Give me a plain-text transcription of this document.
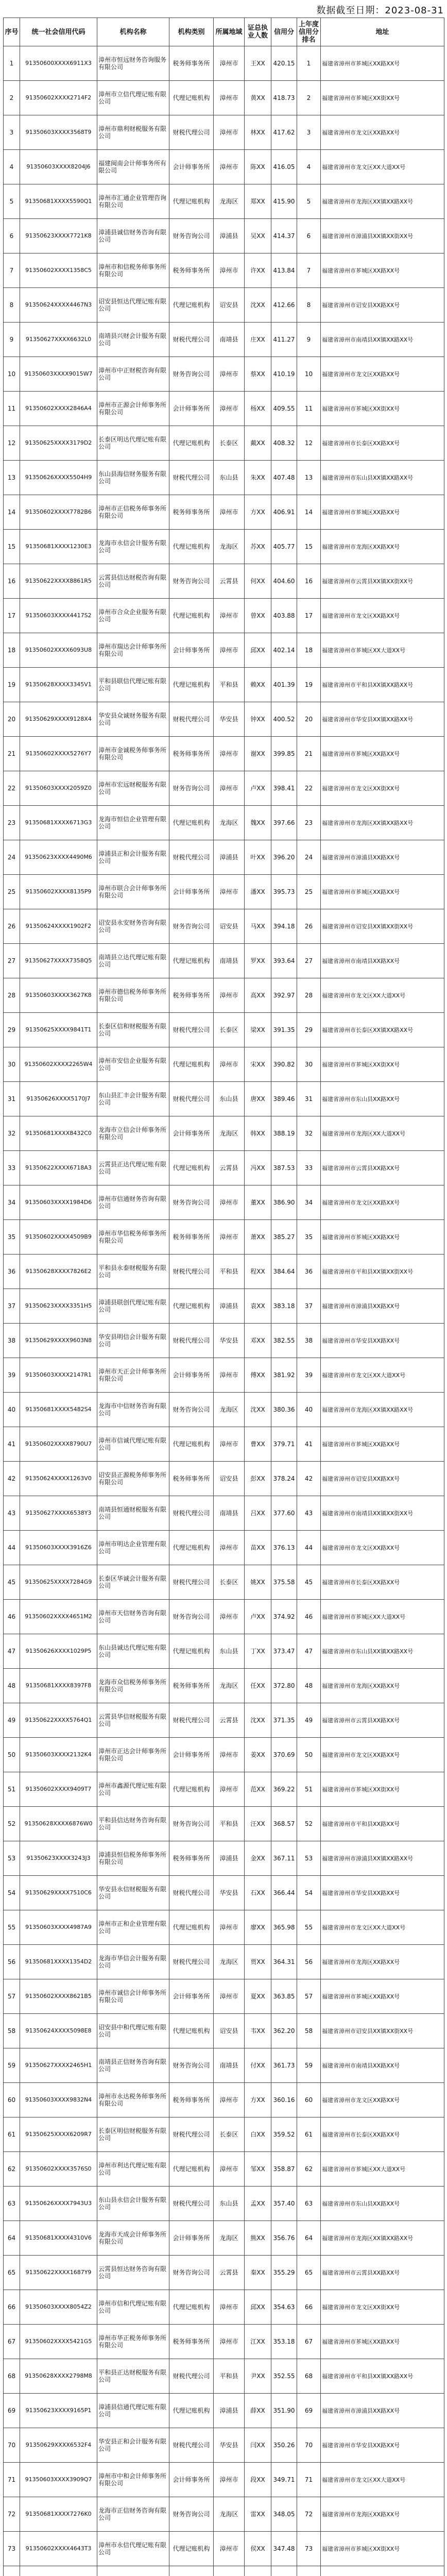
数据截至日期：2023-08-31
序号	统一社会信用代码	机构名称	机构类别	所属地域	证总执业人数	信用分	上年度信用分排名	地址
1	91350600XXXX6911X3	漳州市恒远财务咨询服务有限公司	税务师事务所	漳州市	王XX	420.15	1	福建省漳州市芗城区XX路XX号
2	91350602XXXX2714F2	漳州市立信代理记账有限公司	代理记账机构	漳州市	黄XX	418.73	2	福建省漳州市芗城区XX街XX号
3	91350603XXXX3568T9	漳州市鼎利财税服务有限公司	财税代理公司	漳州市	林XX	417.62	3	福建省漳州市龙文区XX路XX号
4	91350603XXXX8204J6	福建闽南会计师事务所有限公司	会计师事务所	漳州市	陈XX	416.05	4	福建省漳州市龙文区XX大道XX号
5	91350681XXXX5590Q1	漳州市汇通企业管理咨询有限公司	代理记账机构	龙海区	郑XX	415.90	5	福建省漳州市龙海区XX镇XX路XX号
6	91350623XXXX7721K8	漳浦县诚信财务咨询有限公司	财务咨询公司	漳浦县	吴XX	414.37	6	福建省漳州市漳浦县XX镇XX街XX号
7	91350602XXXX1358C5	漳州市和信税务师事务所有限公司	税务师事务所	漳州市	许XX	413.84	7	福建省漳州市芗城区XX路XX号
8	91350624XXXX4467N3	诏安县恒达代理记账有限公司	代理记账机构	诏安县	沈XX	412.66	8	福建省漳州市诏安县XX路XX号
9	91350627XXXX6632L0	南靖县兴财会计服务有限公司	财税代理公司	南靖县	庄XX	411.27	9	福建省漳州市南靖县XX镇XX路XX号
10	91350603XXXX9015W7	漳州市中正财税咨询有限公司	财务咨询公司	漳州市	蔡XX	410.19	10	福建省漳州市龙文区XX路XX号
11	91350602XXXX2846A4	漳州市正源会计师事务所有限公司	会计师事务所	漳州市	杨XX	409.55	11	福建省漳州市芗城区XX街XX号
12	91350625XXXX3179D2	长泰区明达代理记账有限公司	代理记账机构	长泰区	戴XX	408.32	12	福建省漳州市长泰区XX路XX号
13	91350626XXXX5504H9	东山县海信财务服务有限公司	财税代理公司	东山县	朱XX	407.48	13	福建省漳州市东山县XX镇XX路XX号
14	91350602XXXX7782B6	漳州市正信税务师事务所有限公司	税务师事务所	漳州市	方XX	406.91	14	福建省漳州市芗城区XX路XX号
15	91350681XXXX1230E3	龙海市永信会计服务有限公司	代理记账机构	龙海区	苏XX	405.77	15	福建省漳州市龙海区XX路XX号
16	91350622XXXX8861R5	云霄县信达财税咨询有限公司	财务咨询公司	云霄县	何XX	404.60	16	福建省漳州市云霄县XX镇XX街XX号
17	91350603XXXX4417S2	漳州市合众企业服务有限公司	代理记账机构	漳州市	曾XX	403.88	17	福建省漳州市龙文区XX路XX号
18	91350602XXXX6093U8	漳州市瑞达会计师事务所有限公司	会计师事务所	漳州市	邱XX	402.14	18	福建省漳州市芗城区XX大道XX号
19	91350628XXXX3345V1	平和县联信代理记账有限公司	代理记账机构	平和县	赖XX	401.39	19	福建省漳州市平和县XX镇XX路XX号
20	91350629XXXX9128X4	华安县众诚财务服务有限公司	财税代理公司	华安县	钟XX	400.52	20	福建省漳州市华安县XX镇XX路XX号
21	91350602XXXX5276Y7	漳州市金诚税务师事务所有限公司	税务师事务所	漳州市	谢XX	399.85	21	福建省漳州市芗城区XX路XX号
22	91350603XXXX2059Z0	漳州市宏远财税服务有限公司	财务咨询公司	漳州市	卢XX	398.41	22	福建省漳州市龙文区XX街XX号
23	91350681XXXX6713G3	龙海市恒信企业管理有限公司	代理记账机构	龙海区	魏XX	397.66	23	福建省漳州市龙海区XX镇XX路XX号
24	91350623XXXX4490M6	漳浦县正和会计服务有限公司	财税代理公司	漳浦县	叶XX	396.20	24	福建省漳州市漳浦县XX路XX号
25	91350602XXXX8135P9	漳州市联合会计师事务所有限公司	会计师事务所	漳州市	潘XX	395.73	25	福建省漳州市芗城区XX路XX号
26	91350624XXXX1902F2	诏安县永安财务咨询有限公司	财务咨询公司	诏安县	马XX	394.18	26	福建省漳州市诏安县XX镇XX街XX号
27	91350627XXXX7358Q5	南靖县立达代理记账有限公司	代理记账机构	南靖县	罗XX	393.64	27	福建省漳州市南靖县XX路XX号
28	91350603XXXX3627K8	漳州市德信税务师事务所有限公司	税务师事务所	漳州市	高XX	392.97	28	福建省漳州市龙文区XX大道XX号
29	91350625XXXX9841T1	长泰区信和财税服务有限公司	财税代理公司	长泰区	梁XX	391.35	29	福建省漳州市长泰区XX镇XX路XX号
30	91350602XXXX2265W4	漳州市安信企业服务有限公司	代理记账机构	漳州市	宋XX	390.82	30	福建省漳州市芗城区XX街XX号
31	91350626XXXX5170J7	东山县汇丰会计服务有限公司	财税代理公司	东山县	唐XX	389.46	31	福建省漳州市东山县XX路XX号
32	91350681XXXX8432C0	龙海市立信会计师事务所有限公司	会计师事务所	龙海区	韩XX	388.19	32	福建省漳州市龙海区XX大道XX号
33	91350622XXXX6718A3	云霄县正达代理记账有限公司	代理记账机构	云霄县	冯XX	387.53	33	福建省漳州市云霄县XX路XX号
34	91350603XXXX1984D6	漳州市信通财务咨询有限公司	财务咨询公司	漳州市	董XX	386.90	34	福建省漳州市龙文区XX路XX号
35	91350602XXXX4509B9	漳州市华信税务师事务所有限公司	税务师事务所	漳州市	萧XX	385.27	35	福建省漳州市芗城区XX路XX号
36	91350628XXXX7826E2	平和县永泰财税服务有限公司	财税代理公司	平和县	程XX	384.64	36	福建省漳州市平和县XX镇XX街XX号
37	91350623XXXX3351H5	漳浦县联创代理记账有限公司	代理记账机构	漳浦县	袁XX	383.18	37	福建省漳州市漳浦县XX路XX号
38	91350629XXXX9603N8	华安县明信会计服务有限公司	财税代理公司	华安县	邓XX	382.55	38	福建省漳州市华安县XX路XX号
39	91350603XXXX2147R1	漳州市天正会计师事务所有限公司	会计师事务所	漳州市	傅XX	381.92	39	福建省漳州市龙文区XX大道XX号
40	91350681XXXX5482S4	龙海市中信财务咨询有限公司	财务咨询公司	龙海区	沈XX	380.36	40	福建省漳州市龙海区XX镇XX路XX号
41	91350602XXXX8790U7	漳州市信诚代理记账有限公司	代理记账机构	漳州市	曹XX	379.71	41	福建省漳州市芗城区XX路XX号
42	91350624XXXX1263V0	诏安县正源税务师事务所有限公司	税务师事务所	诏安县	彭XX	378.24	42	福建省漳州市诏安县XX路XX号
43	91350627XXXX6538Y3	南靖县恒通财税服务有限公司	财税代理公司	南靖县	吕XX	377.60	43	福建省漳州市南靖县XX镇XX街XX号
44	91350603XXXX3916Z6	漳州市明达企业管理有限公司	代理记账机构	漳州市	苗XX	376.13	44	福建省漳州市龙文区XX路XX号
45	91350625XXXX7284G9	长泰区华诚会计服务有限公司	财税代理公司	长泰区	姚XX	375.58	45	福建省漳州市长泰区XX路XX号
46	91350602XXXX4651M2	漳州市天信财务咨询有限公司	财务咨询公司	漳州市	卢XX	374.92	46	福建省漳州市芗城区XX大道XX号
47	91350626XXXX1029P5	东山县诚达代理记账有限公司	代理记账机构	东山县	丁XX	373.47	47	福建省漳州市东山县XX镇XX路XX号
48	91350681XXXX8397F8	龙海市众信税务师事务所有限公司	税务师事务所	龙海区	任XX	372.80	48	福建省漳州市龙海区XX路XX号
49	91350622XXXX5764Q1	云霄县华信财税服务有限公司	财税代理公司	云霄县	沈XX	371.35	49	福建省漳州市云霄县XX路XX号
50	91350603XXXX2132K4	漳州市正达会计师事务所有限公司	会计师事务所	漳州市	姜XX	370.69	50	福建省漳州市龙文区XX路XX号
51	91350602XXXX9409T7	漳州市鑫源代理记账有限公司	代理记账机构	漳州市	范XX	369.22	51	福建省漳州市芗城区XX街XX号
52	91350628XXXX6876W0	平和县信达财务咨询有限公司	财务咨询公司	平和县	汪XX	368.57	52	福建省漳州市平和县XX路XX号
53	91350623XXXX3243J3	漳浦县恒信税务师事务所有限公司	税务师事务所	漳浦县	金XX	367.11	53	福建省漳州市漳浦县XX镇XX路XX号
54	91350629XXXX7510C6	华安县永信财税服务有限公司	财税代理公司	华安县	石XX	366.44	54	福建省漳州市华安县XX路XX号
55	91350603XXXX4987A9	漳州市正和企业管理有限公司	代理记账机构	漳州市	廖XX	365.98	55	福建省漳州市龙文区XX大道XX号
56	91350681XXXX1354D2	龙海市华信会计服务有限公司	财税代理公司	龙海区	贾XX	364.31	56	福建省漳州市龙海区XX路XX号
57	91350602XXXX8621B5	漳州市诚信会计师事务所有限公司	会计师事务所	漳州市	夏XX	363.85	57	福建省漳州市芗城区XX路XX号
58	91350624XXXX5098E8	诏安县中和代理记账有限公司	代理记账机构	诏安县	韦XX	362.20	58	福建省漳州市诏安县XX镇XX街XX号
59	91350627XXXX2465H1	南靖县正信财务咨询有限公司	财务咨询公司	南靖县	付XX	361.73	59	福建省漳州市南靖县XX路XX号
60	91350603XXXX9832N4	漳州市永达税务师事务所有限公司	税务师事务所	漳州市	方XX	360.16	60	福建省漳州市龙文区XX路XX号
61	91350625XXXX6209R7	长泰区明信财税服务有限公司	财税代理公司	长泰区	白XX	359.52	61	福建省漳州市长泰区XX路XX号
62	91350602XXXX3576S0	漳州市利达代理记账有限公司	代理记账机构	漳州市	邹XX	358.87	62	福建省漳州市芗城区XX大道XX号
63	91350626XXXX7943U3	东山县永信会计服务有限公司	财税代理公司	东山县	孟XX	357.40	63	福建省漳州市东山县XX路XX号
64	91350681XXXX4310V6	龙海市天成会计师事务所有限公司	会计师事务所	龙海区	熊XX	356.76	64	福建省漳州市龙海区XX镇XX路XX号
65	91350622XXXX1687Y9	云霄县恒达财务咨询有限公司	财务咨询公司	云霄县	秦XX	355.29	65	福建省漳州市云霄县XX路XX号
66	91350603XXXX8054Z2	漳州市信和代理记账有限公司	代理记账机构	漳州市	邱XX	354.63	66	福建省漳州市龙文区XX街XX号
67	91350602XXXX5421G5	漳州市华正税务师事务所有限公司	税务师事务所	漳州市	江XX	353.18	67	福建省漳州市芗城区XX路XX号
68	91350628XXXX2798M8	平和县正达财税服务有限公司	财税代理公司	平和县	尹XX	352.55	68	福建省漳州市平和县XX镇XX路XX号
69	91350623XXXX9165P1	漳浦县信通代理记账有限公司	代理记账机构	漳浦县	薛XX	351.90	69	福建省漳州市漳浦县XX路XX号
70	91350629XXXX6532F4	华安县正和会计服务有限公司	财税代理公司	华安县	闫XX	350.26	70	福建省漳州市华安县XX路XX号
71	91350603XXXX3909Q7	漳州市中和会计师事务所有限公司	会计师事务所	漳州市	段XX	349.71	71	福建省漳州市龙文区XX大道XX号
72	91350681XXXX7276K0	龙海市正信财务咨询有限公司	财务咨询公司	龙海区	雷XX	348.05	72	福建省漳州市龙海区XX路XX号
73	91350602XXXX4643T3	漳州市永信代理记账有限公司	代理记账机构	漳州市	侯XX	347.48	73	福建省漳州市芗城区XX街XX号
